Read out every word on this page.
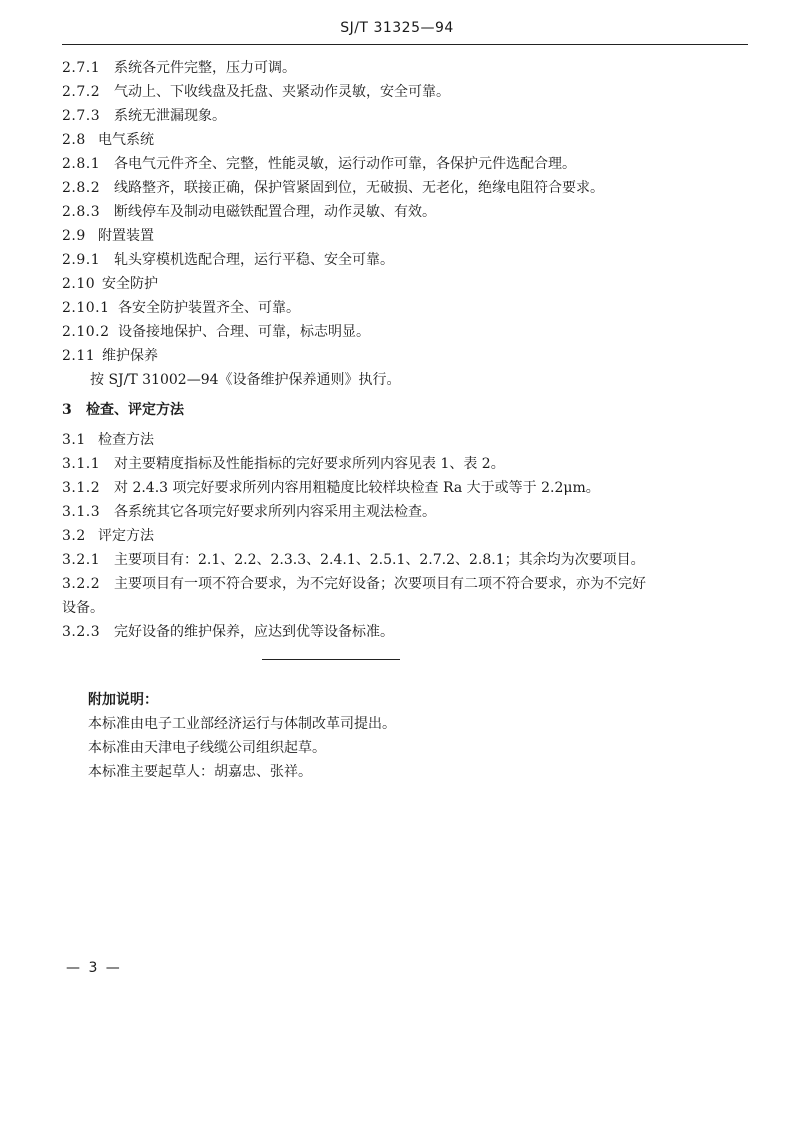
SJ/T 31325—94
2.7.1 系统各元件完整，压力可调。
2.7.2 气动上、下收线盘及托盘、夹紧动作灵敏，安全可靠。
2.7.3 系统无泄漏现象。
2.8 电气系统
2.8.1 各电气元件齐全、完整，性能灵敏，运行动作可靠，各保护元件选配合理。
2.8.2 线路整齐，联接正确，保护管紧固到位，无破损、无老化，绝缘电阻符合要求。
2.8.3 断线停车及制动电磁铁配置合理，动作灵敏、有效。
2.9 附置装置
2.9.1 轧头穿模机选配合理，运行平稳、安全可靠。
2.10 安全防护
2.10.1 各安全防护装置齐全、可靠。
2.10.2 设备接地保护、合理、可靠，标志明显。
2.11 维护保养
按 SJ/T 31002—94《设备维护保养通则》执行。
3 检查、评定方法
3.1 检查方法
3.1.1 对主要精度指标及性能指标的完好要求所列内容见表 1、表 2。
3.1.2 对 2.4.3 项完好要求所列内容用粗糙度比较样块检查 Ra 大于或等于 2.2μm。
3.1.3 各系统其它各项完好要求所列内容采用主观法检查。
3.2 评定方法
3.2.1 主要项目有：2.1、2.2、2.3.3、2.4.1、2.5.1、2.7.2、2.8.1；其余均为次要项目。
3.2.2 主要项目有一项不符合要求，为不完好设备；次要项目有二项不符合要求，亦为不完好
设备。
3.2.3 完好设备的维护保养，应达到优等设备标准。
附加说明：
本标准由电子工业部经济运行与体制改革司提出。
本标准由天津电子线缆公司组织起草。
本标准主要起草人：胡嘉忠、张祥。
— 3 —
